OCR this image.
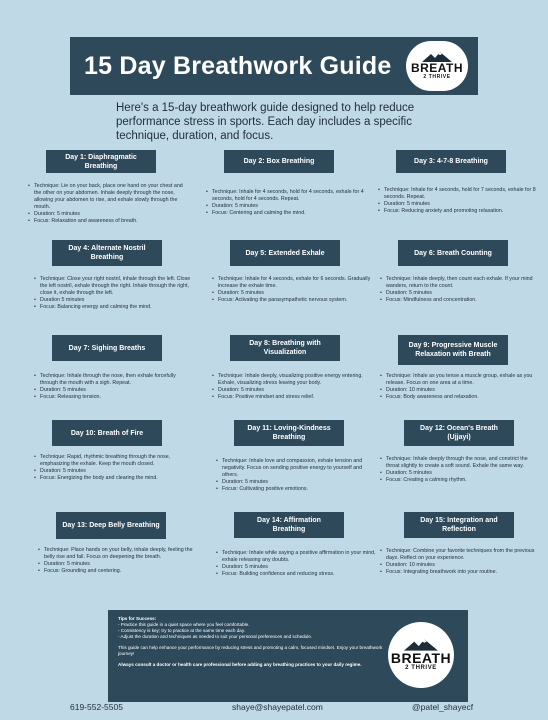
15 Day Breathwork Guide BREATH
2 THRIVE

Here's a 15-day breathwork guide designed to help reduce performance stress in sports. Each day includes a specific technique, duration, and focus.

Day 1: Diaphragmatic Breathing
• Technique: Lie on your back, place one hand on your chest and the other on your abdomen. Inhale deeply through the nose, allowing your abdomen to rise, and exhale slowly through the mouth.
• Duration: 5 minutes
• Focus: Relaxation and awareness of breath.
Day 2: Box Breathing
• Technique: Inhale for 4 seconds, hold for 4 seconds, exhale for 4 seconds, hold for 4 seconds. Repeat.
• Duration: 5 minutes
• Focus: Centering and calming the mind.
Day 3: 4-7-8 Breathing
• Technique: Inhale for 4 seconds, hold for 7 seconds, exhale for 8 seconds. Repeat.
• Duration: 5 minutes
• Focus: Reducing anxiety and promoting relaxation.
Day 4: Alternate Nostril Breathing
• Technique: Close your right nostril, inhale through the left. Close the left nostril, exhale through the right. Inhale through the right, close it, exhale through the left.
• Duration 5 minutes
• Focus: Balancing energy and calming the mind.
Day 5: Extended Exhale
• Technique: Inhale for 4 seconds, exhale for 6 seconds. Gradually increase the exhale time.
• Duration: 5 minutes
• Focus: Activating the parasympathetic nervous system.
Day 6: Breath Counting
• Technique: Inhale deeply, then count each exhale. If your mind wanders, return to the count.
• Duration: 5 minutes
• Focus: Mindfulness and concentration.
Day 7: Sighing Breaths
• Technique: Inhale through the nose, then exhale forcefully through the mouth with a sigh. Repeat.
• Duration: 5 minutes
• Focus: Releasing tension.
Day 8: Breathing with Visualization
• Technique: Inhale deeply, visualizing positive energy entering. Exhale, visualizing stress leaving your body.
• Duration: 5 minutes
• Focus: Positive mindset and stress relief.
Day 9: Progressive Muscle Relaxation with Breath
• Technique: Inhale as you tense a muscle group, exhale as you release. Focus on one area at a time.
• Duration: 10 minutes
• Focus: Body awareness and relaxation.
Day 10: Breath of Fire
• Technique: Rapid, rhythmic breathing through the nose, emphasizing the exhale. Keep the mouth closed.
• Duration: 5 minutes
• Focus: Energizing the body and clearing the mind.
Day 11: Loving-Kindness Breathing
• Technique: Inhale love and compassion, exhale tension and negativity. Focus on sending positive energy to yourself and others.
• Duration: 5 minutes
• Focus: Cultivating positive emotions.
Day 12: Ocean's Breath (Ujjayi)
• Technique: Inhale deeply through the nose, and constrict the throat slightly to create a soft sound. Exhale the same way.
• Duration: 5 minutes
• Focus: Creating a calming rhythm.
Day 13: Deep Belly Breathing
• Technique: Place hands on your belly, inhale deeply, feeling the belly rise and fall. Focus on deepening the breath.
• Duration: 5 minutes
• Focus: Grounding and centering.
Day 14: Affirmation Breathing
• Technique: Inhale while saying a positive affirmation in your mind, exhale releasing any doubts.
• Duration: 5 minutes
• Focus: Building confidence and reducing stress.
Day 15: Integration and Reflection
• Technique: Combine your favorite techniques from the previous days. Reflect on your experience.
• Duration: 10 minutes
• Focus: Integrating breathwork into your routine.
Tips for Success:
- Practice this guide in a quiet space where you feel comfortable.
- Consistency is key; try to practice at the same time each day.
- Adjust the duration and techniques as needed to suit your personal preferences and schedule.
This guide can help enhance your performance by reducing stress and promoting a calm, focused mindset. Enjoy your breathwork journey!
Always consult a doctor or health care professional before adding any breathing practices to your daily regime.	BREATH
2 THRIVE
619-552-5505	shaye@shayepatel.com	@patel_shayecf
